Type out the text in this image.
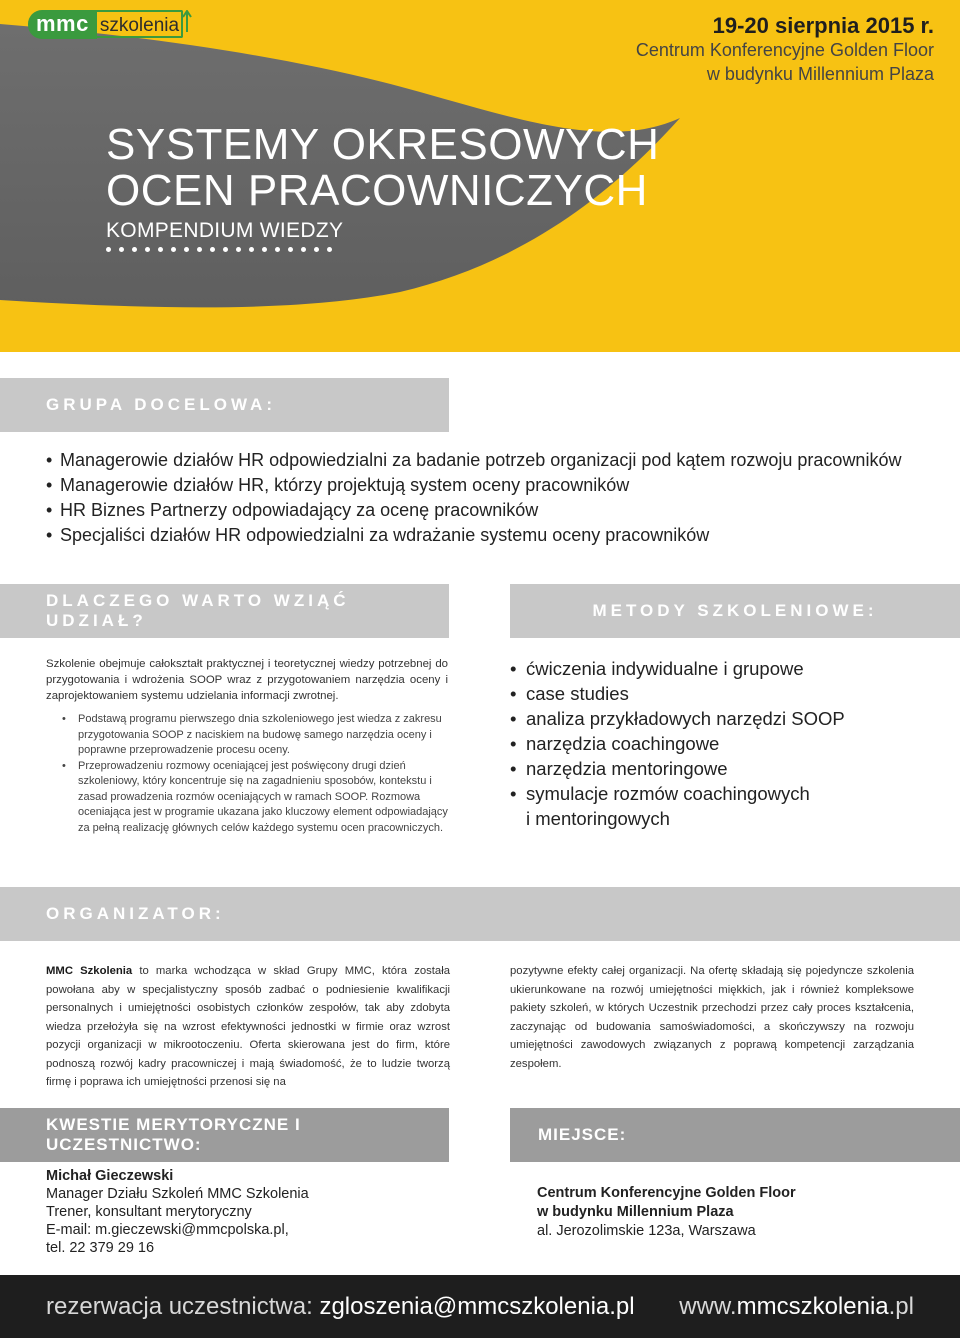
mmc szkolenia	19-20 sierpnia 2015 r.
Centrum Konferencyjne Golden Floor
w budynku Millennium Plaza
SYSTEMY OKRESOWYCH
OCEN PRACOWNICZYCH
KOMPENDIUM WIEDZY
GRUPA DOCELOWA:
• Managerowie działów HR odpowiedzialni za badanie potrzeb organizacji pod kątem rozwoju pracowników
• Managerowie działów HR, którzy projektują system oceny pracowników
• HR Biznes Partnerzy odpowiadający za ocenę pracowników
• Specjaliści działów HR odpowiedzialni za wdrażanie systemu oceny pracowników
DLACZEGO WARTO WZIĄĆ UDZIAŁ?
METODY SZKOLENIOWE:

Szkolenie obejmuje całokształt praktycznej i teoretycznej wiedzy potrzebnej do przygotowania i wdrożenia SOOP wraz z przygotowaniem narzędzia oceny i zaprojektowaniem systemu udzielania informacji zwrotnej.

• Podstawą programu pierwszego dnia szkoleniowego jest wiedza z zakresu przygotowania SOOP z naciskiem na budowę samego narzędzia oceny i poprawne przeprowadzenie procesu oceny.
• Przeprowadzeniu rozmowy oceniającej jest poświęcony drugi dzień szkoleniowy, który koncentruje się na zagadnieniu sposobów, kontekstu i zasad prowadzenia rozmów oceniających w ramach SOOP. Rozmowa oceniająca jest w programie ukazana jako kluczowy element odpowiadający za pełną realizację głównych celów każdego systemu ocen pracowniczych.
• ćwiczenia indywidualne i grupowe
• case studies
• analiza przykładowych narzędzi SOOP
• narzędzia coachingowe
• narzędzia mentoringowe
• symulacje rozmów coachingowych i mentoringowych
ORGANIZATOR:

MMC Szkolenia to marka wchodząca w skład Grupy MMC, która została powołana aby w specjalistyczny sposób zadbać o podniesienie kwalifikacji personalnych i umiejętności osobistych członków zespołów, tak aby zdobyta wiedza przełożyła się na wzrost efektywności jednostki w firmie oraz wzrost pozycji organizacji w mikrootoczeniu. Oferta skierowana jest do firm, które podnoszą rozwój kadry pracowniczej i mają świadomość, że to ludzie tworzą firmę i poprawa ich umiejętności przenosi się na

pozytywne efekty całej organizacji. Na ofertę składają się pojedyncze szkolenia ukierunkowane na rozwój umiejętności miękkich, jak i również kompleksowe pakiety szkoleń, w których Uczestnik przechodzi przez cały proces kształcenia, zaczynając od budowania samoświadomości, a skończywszy na rozwoju umiejętności zawodowych związanych z poprawą kompetencji zarządzania zespołem.

KWESTIE MERYTORYCZNE I UCZESTNICTWO:
MIEJSCE:
Michał Gieczewski
Manager Działu Szkoleń MMC Szkolenia
Trener, konsultant merytoryczny
E-mail: m.gieczewski@mmcpolska.pl,
tel. 22 379 29 16
Centrum Konferencyjne Golden Floor
w budynku Millennium Plaza
al. Jerozolimskie 123a, Warszawa
rezerwacja uczestnictwa: zgloszenia@mmcszkolenia.pl www.mmcszkolenia.pl
